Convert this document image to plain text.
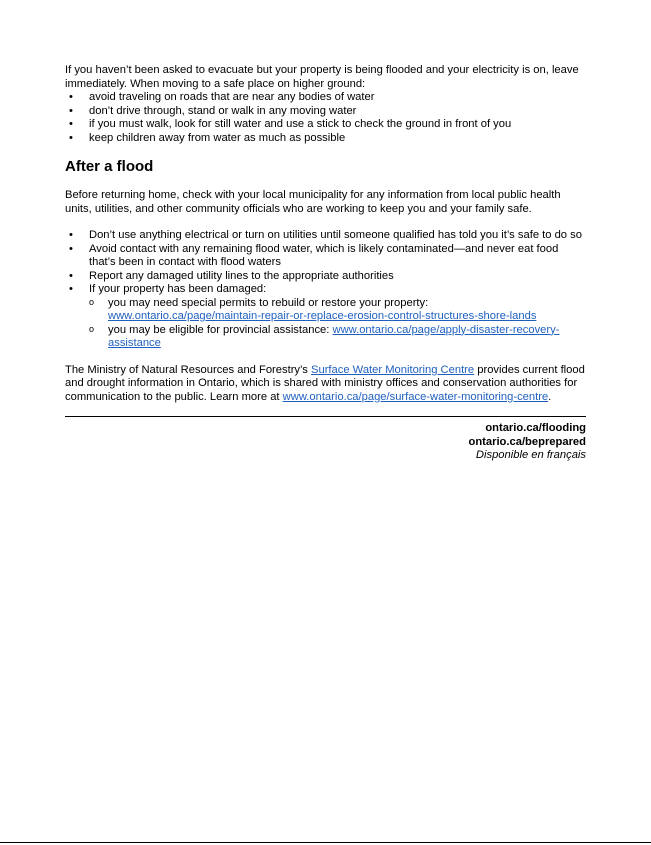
If you haven’t been asked to evacuate but your property is being flooded and your electricity is on, leave immediately. When moving to a safe place on higher ground:

• avoid traveling on roads that are near any bodies of water
• don’t drive through, stand or walk in any moving water
• if you must walk, look for still water and use a stick to check the ground in front of you
• keep children away from water as much as possible
After a flood

Before returning home, check with your local municipality for any information from local public health units, utilities, and other community officials who are working to keep you and your family safe.

• Don’t use anything electrical or turn on utilities until someone qualified has told you it’s safe to do so
• Avoid contact with any remaining flood water, which is likely contaminated—and never eat food that’s been in contact with flood waters
• Report any damaged utility lines to the appropriate authorities
• If your property has been damaged:
o you may need special permits to rebuild or restore your property:
www.ontario.ca/page/maintain-repair-or-replace-erosion-control-structures-shore-lands
o you may be eligible for provincial assistance: www.ontario.ca/page/apply-disaster-recovery-assistance

The Ministry of Natural Resources and Forestry’s Surface Water Monitoring Centre provides current flood and drought information in Ontario, which is shared with ministry offices and conservation authorities for communication to the public. Learn more at www.ontario.ca/page/surface-water-monitoring-centre.

ontario.ca/flooding
ontario.ca/beprepared
Disponible en français
